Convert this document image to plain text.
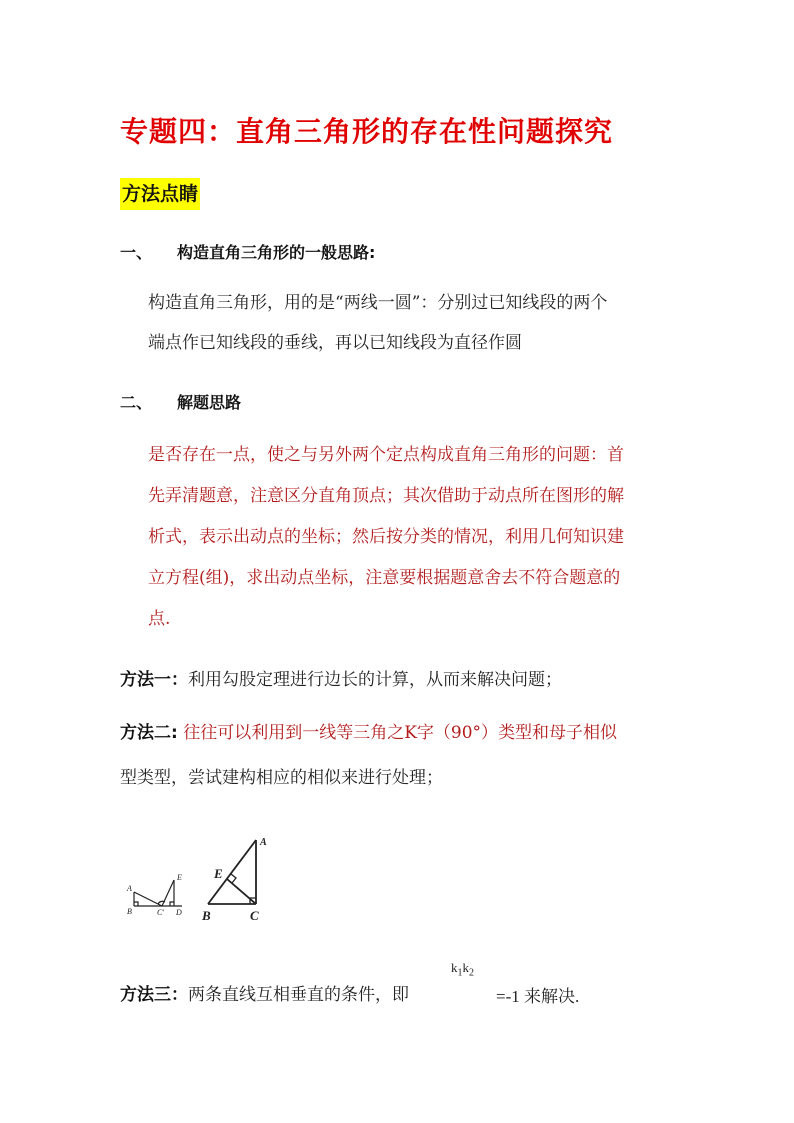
专题四：直角三角形的存在性问题探究
方法点睛
一、 构造直角三角形的一般思路:
构造直角三角形，用的是“两线一圆”：分别过已知线段的两个
端点作已知线段的垂线，再以已知线段为直径作圆
二、 解题思路
是否存在一点，使之与另外两个定点构成直角三角形的问题：首
先弄清题意，注意区分直角顶点；其次借助于动点所在图形的解
析式，表示出动点的坐标；然后按分类的情况，利用几何知识建
立方程(组)，求出动点坐标，注意要根据题意舍去不符合题意的
点.
方法一：利用勾股定理进行边长的计算，从而来解决问题；
方法二: 往往可以利用到一线等三角之K字（90°）类型和母子相似
型类型，尝试建构相应的相似来进行处理；
A
B	C' D
E
A
E
B	C
方法三：两条直线互相垂直的条件，即
$k_1k_2$
=-1 来解决.
